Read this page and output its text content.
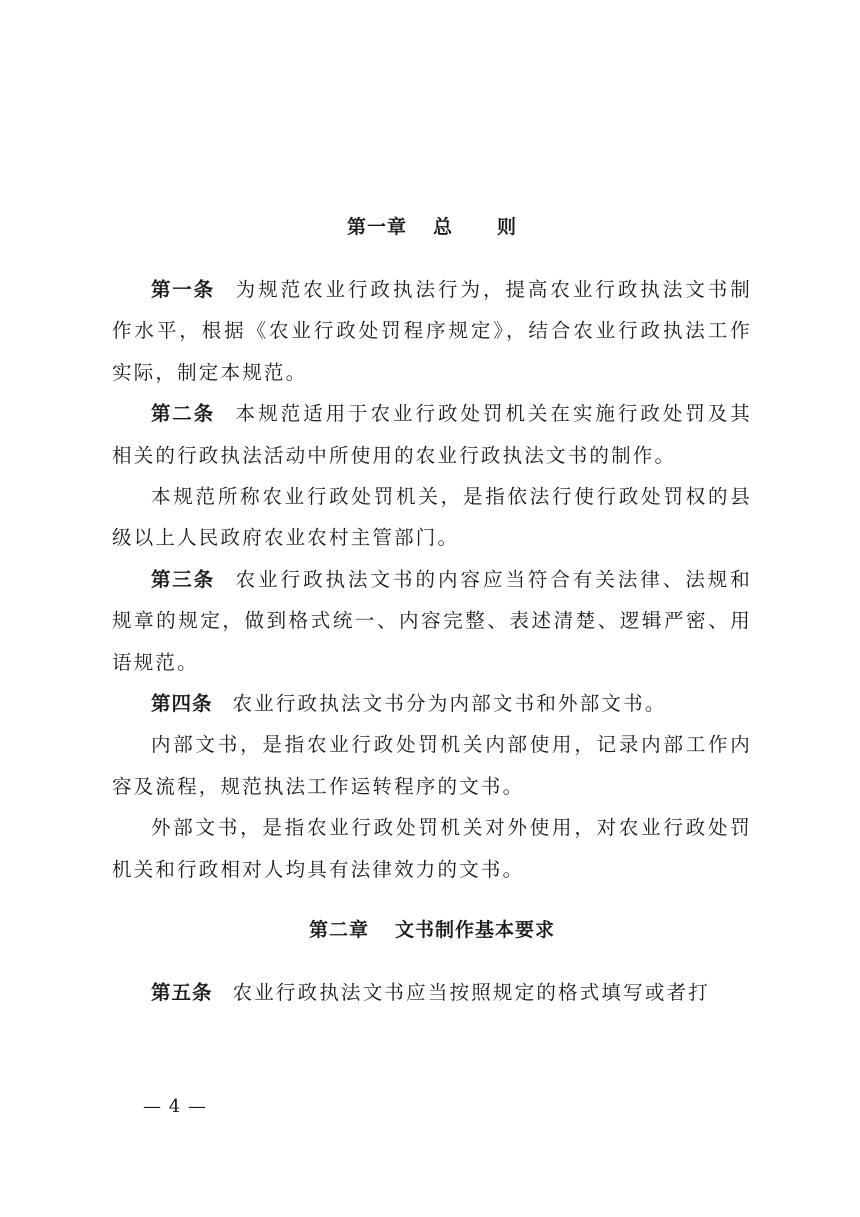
第一章 总 则

第一条 为规范农业行政执法行为，提高农业行政执法文书制作水平，根据《农业行政处罚程序规定》，结合农业行政执法工作实际，制定本规范。

第二条 本规范适用于农业行政处罚机关在实施行政处罚及其相关的行政执法活动中所使用的农业行政执法文书的制作。

本规范所称农业行政处罚机关，是指依法行使行政处罚权的县级以上人民政府农业农村主管部门。

第三条 农业行政执法文书的内容应当符合有关法律、法规和规章的规定，做到格式统一、内容完整、表述清楚、逻辑严密、用语规范。

第四条 农业行政执法文书分为内部文书和外部文书。

内部文书，是指农业行政处罚机关内部使用，记录内部工作内容及流程，规范执法工作运转程序的文书。

外部文书，是指农业行政处罚机关对外使用，对农业行政处罚机关和行政相对人均具有法律效力的文书。

第二章 文书制作基本要求

第五条 农业行政执法文书应当按照规定的格式填写或者打

— 4 —
